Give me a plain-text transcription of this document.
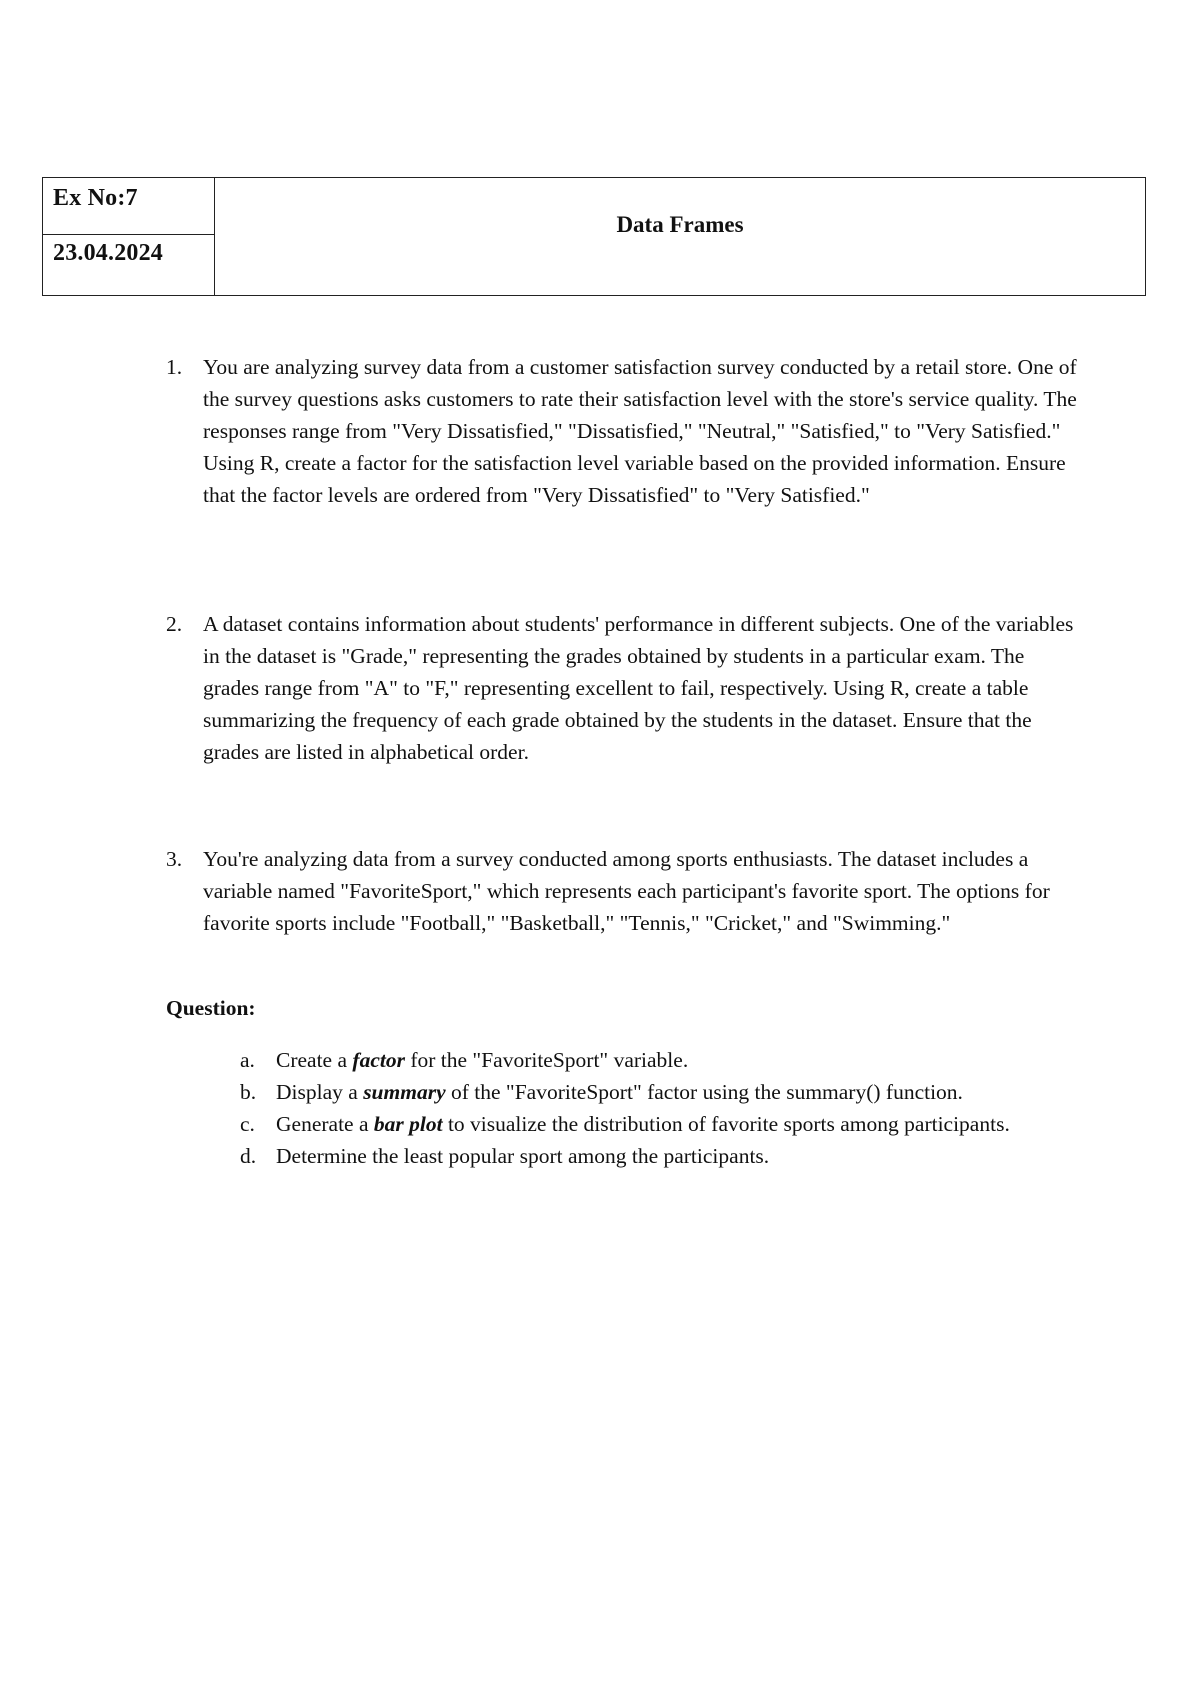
Ex No:7
23.04.2024
Data Frames
1. You are analyzing survey data from a customer satisfaction survey conducted by a retail store. One of the survey questions asks customers to rate their satisfaction level with the store's service quality. The responses range from "Very Dissatisfied," "Dissatisfied," "Neutral," "Satisfied," to "Very Satisfied." Using R, create a factor for the satisfaction level variable based on the provided information. Ensure that the factor levels are ordered from "Very Dissatisfied" to "Very Satisfied."
2. A dataset contains information about students' performance in different subjects. One of the variables in the dataset is "Grade," representing the grades obtained by students in a particular exam. The grades range from "A" to "F," representing excellent to fail, respectively. Using R, create a table summarizing the frequency of each grade obtained by the students in the dataset. Ensure that the grades are listed in alphabetical order.
3. You're analyzing data from a survey conducted among sports enthusiasts. The dataset includes a variable named "FavoriteSport," which represents each participant's favorite sport. The options for favorite sports include "Football," "Basketball," "Tennis," "Cricket," and "Swimming."
Question:
a. Create a factor for the "FavoriteSport" variable.
b. Display a summary of the "FavoriteSport" factor using the summary() function.
c. Generate a bar plot to visualize the distribution of favorite sports among participants.
d. Determine the least popular sport among the participants.
